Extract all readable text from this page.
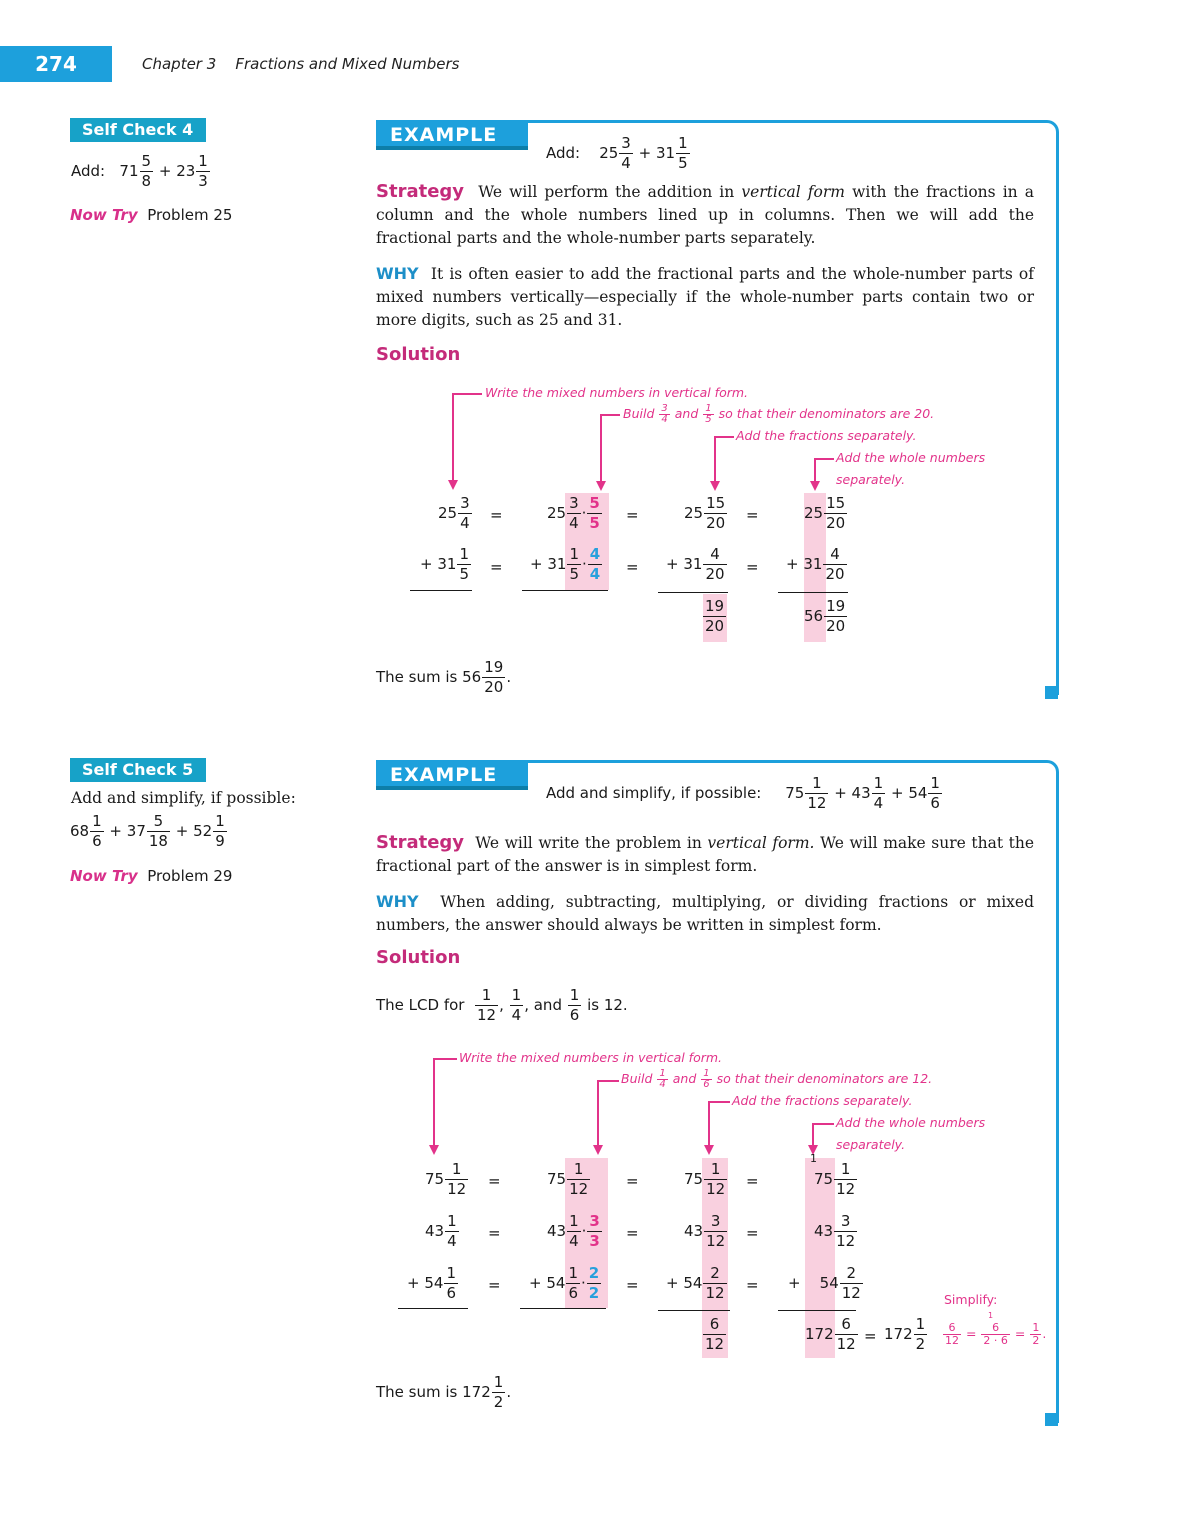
274	Chapter 3    Fractions and Mixed Numbers
Self Check 4
Add: $71 \frac{5}{8} + 23 \frac{1}{3}$
Now Try Problem 25
Self Check 5
Add and simplify, if possible:
$68 \frac{1}{6} + 37 \frac{5}{18} + 52 \frac{1}{9}$
Now Try Problem 29
EXAMPLE 4
Add: $25 \frac{3}{4} + 31 \frac{1}{5}$
Strategy We will perform the addition in vertical form with the fractions in a column and the whole numbers lined up in columns. Then we will add the fractional parts and the whole-number parts separately.
WHY It is often easier to add the fractional parts and the whole-number parts of mixed numbers vertically—especially if the whole-number parts contain two or more digits, such as 25 and 31.
Solution
Write the mixed numbers in vertical form.
Build $\frac{3}{4}$ and $\frac{1}{5}$ so that their denominators are 20.
Add the fractions separately.
Add the whole numbers
separately.
$25 \frac{3}{4}$
+ $31 \frac{1}{5}$
=
=
$25 \frac{3}{4} \cdot \frac{5}{5}$
+ $31 \frac{1}{5} \cdot \frac{4}{4}$
=
=
$25 \frac{15}{20}$
+ $31 \frac{4}{20}$
$\frac{19}{20}$
=
=
$25 \frac{15}{20}$
+ $31 \frac{4}{20}$
$56 \frac{19}{20}$
The sum is $56 \frac{19}{20}$ .
EXAMPLE 5
Add and simplify, if possible: $75 \frac{1}{12} + 43 \frac{1}{4} + 54 \frac{1}{6}$
Strategy We will write the problem in vertical form. We will make sure that the fractional part of the answer is in simplest form.
WHY When adding, subtracting, multiplying, or dividing fractions or mixed numbers, the answer should always be written in simplest form.
Solution
The LCD for $\frac{1}{12}$ , $\frac{1}{4}$ , and $\frac{1}{6}$ is 12.
Write the mixed numbers in vertical form.
Build $\frac{1}{4}$ and $\frac{1}{6}$ so that their denominators are 12.
Add the fractions separately.
Add the whole numbers
separately.
$75 \frac{1}{12}$
$43 \frac{1}{4}$
+ $54 \frac{1}{6}$
=
=
=
$75 \frac{1}{12}$
$43 \frac{1}{4} \cdot \frac{3}{3}$
+ $54 \frac{1}{6} \cdot \frac{2}{2}$
=
=
=
$75 \frac{1}{12}$
$43 \frac{3}{12}$
+ $54 \frac{2}{12}$
$\frac{6}{12}$
=
=
=
1
$75 \frac{1}{12}$
$43 \frac{3}{12}$
+ $54 \frac{2}{12}$
$172 \frac{6}{12} = 172 \frac{1}{2}$
Simplify:
$\frac{6}{12} = \frac{6}{2 \cdot 6} = \frac{1}{2}$ .
1
The sum is $172 \frac{1}{2}$ .
